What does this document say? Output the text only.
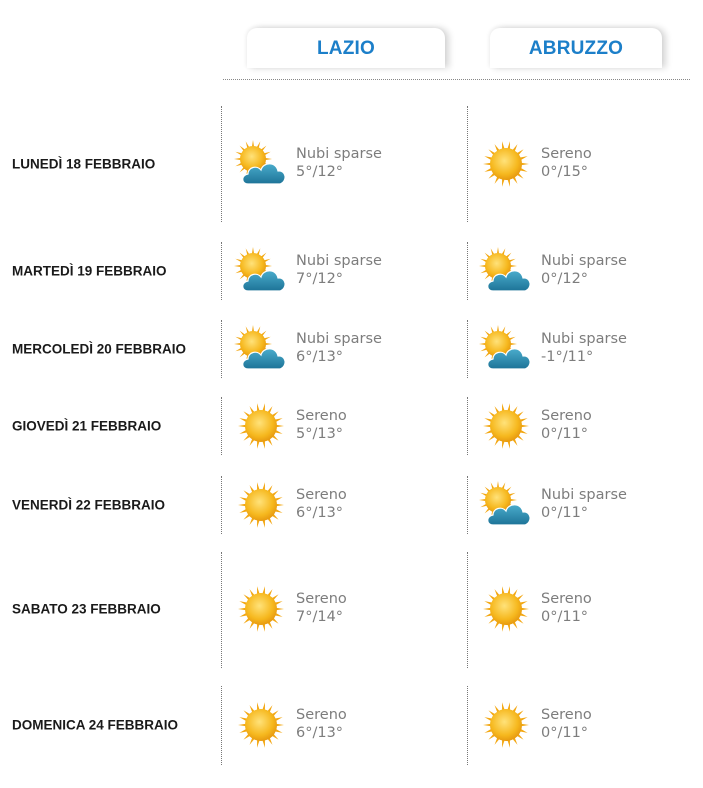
LAZIO	ABRUZZO
LUNEDÌ 18 FEBBRAIO
Nubi sparse
5°/12°
Sereno
0°/15°
MARTEDÌ 19 FEBBRAIO
Nubi sparse
7°/12°
Nubi sparse
0°/12°
MERCOLEDÌ 20 FEBBRAIO
Nubi sparse
6°/13°
Nubi sparse
-1°/11°
GIOVEDÌ 21 FEBBRAIO
Sereno
5°/13°
Sereno
0°/11°
VENERDÌ 22 FEBBRAIO
Sereno
6°/13°
Nubi sparse
0°/11°
SABATO 23 FEBBRAIO
Sereno
7°/14°
Sereno
0°/11°
DOMENICA 24 FEBBRAIO
Sereno
6°/13°
Sereno
0°/11°
